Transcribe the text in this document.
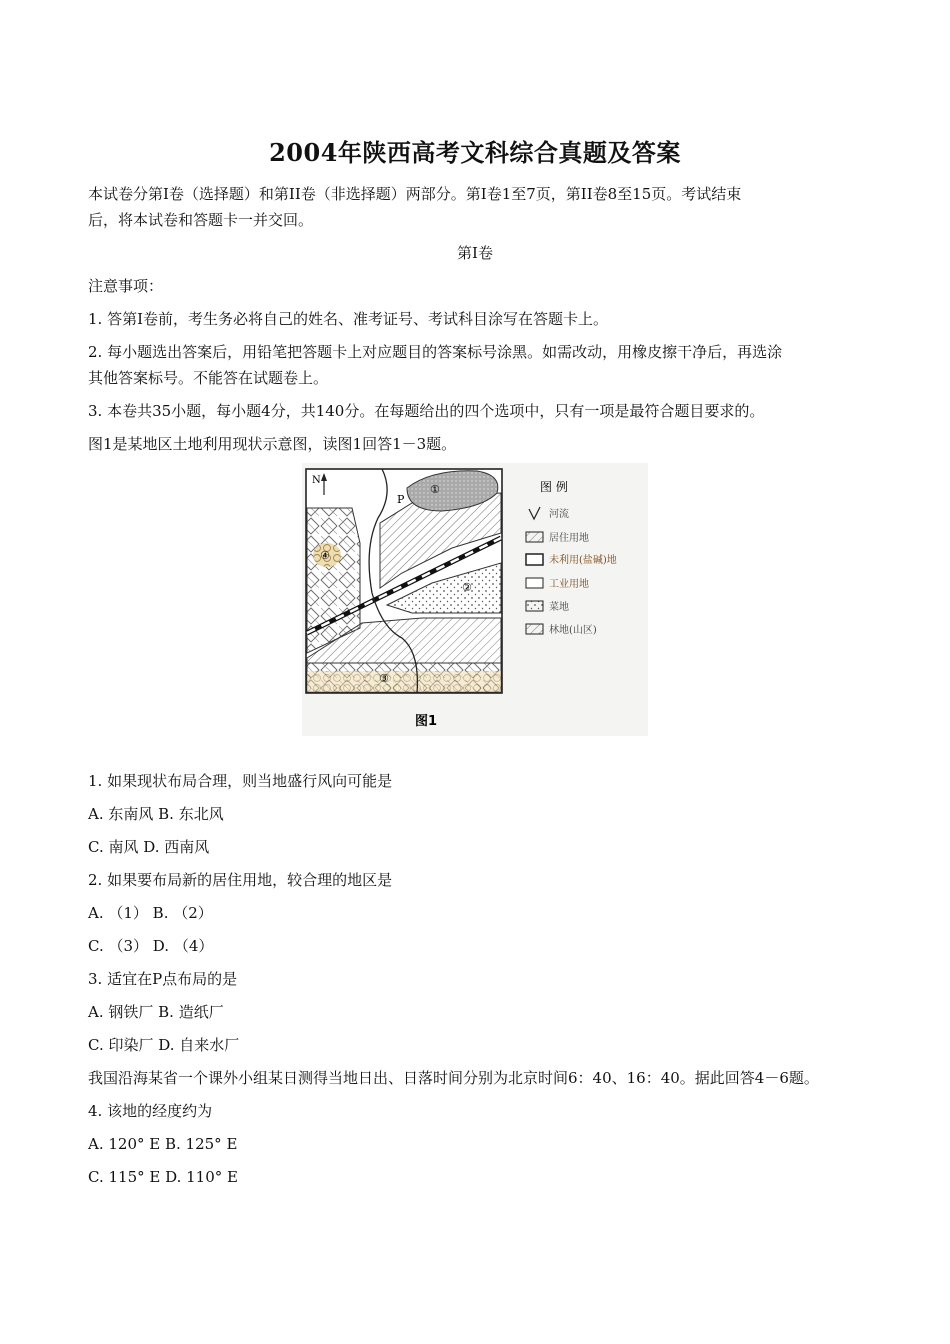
2004年陕西高考文科综合真题及答案

本试卷分第Ⅰ卷（选择题）和第II卷（非选择题）两部分。第Ⅰ卷1至7页，第II卷8至15页。考试结束

后，将本试卷和答题卡一并交回。

第Ⅰ卷

注意事项：

1. 答第Ⅰ卷前，考生务必将自己的姓名、准考证号、考试科目涂写在答题卡上。

2. 每小题选出答案后，用铅笔把答题卡上对应题目的答案标号涂黑。如需改动，用橡皮擦干净后，再选涂

其他答案标号。不能答在试题卷上。

3. 本卷共35小题，每小题4分，共140分。在每题给出的四个选项中，只有一项是最符合题目要求的。

图1是某地区土地利用现状示意图，读图1回答1－3题。

N
P
①
②
③
④
图 例
河流
居住用地
未利用(盐碱)地
工业用地
菜地
林地(山区)
图1

1. 如果现状布局合理，则当地盛行风向可能是

A. 东南风 B. 东北风

C. 南风 D. 西南风

2. 如果要布局新的居住用地，较合理的地区是

A. （1） B. （2）

C. （3） D. （4）

3. 适宜在P点布局的是

A. 钢铁厂 B. 造纸厂

C. 印染厂 D. 自来水厂

我国沿海某省一个课外小组某日测得当地日出、日落时间分别为北京时间6：40、16：40。据此回答4－6题。

4. 该地的经度约为

A. 120° E B. 125° E

C. 115° E D. 110° E
